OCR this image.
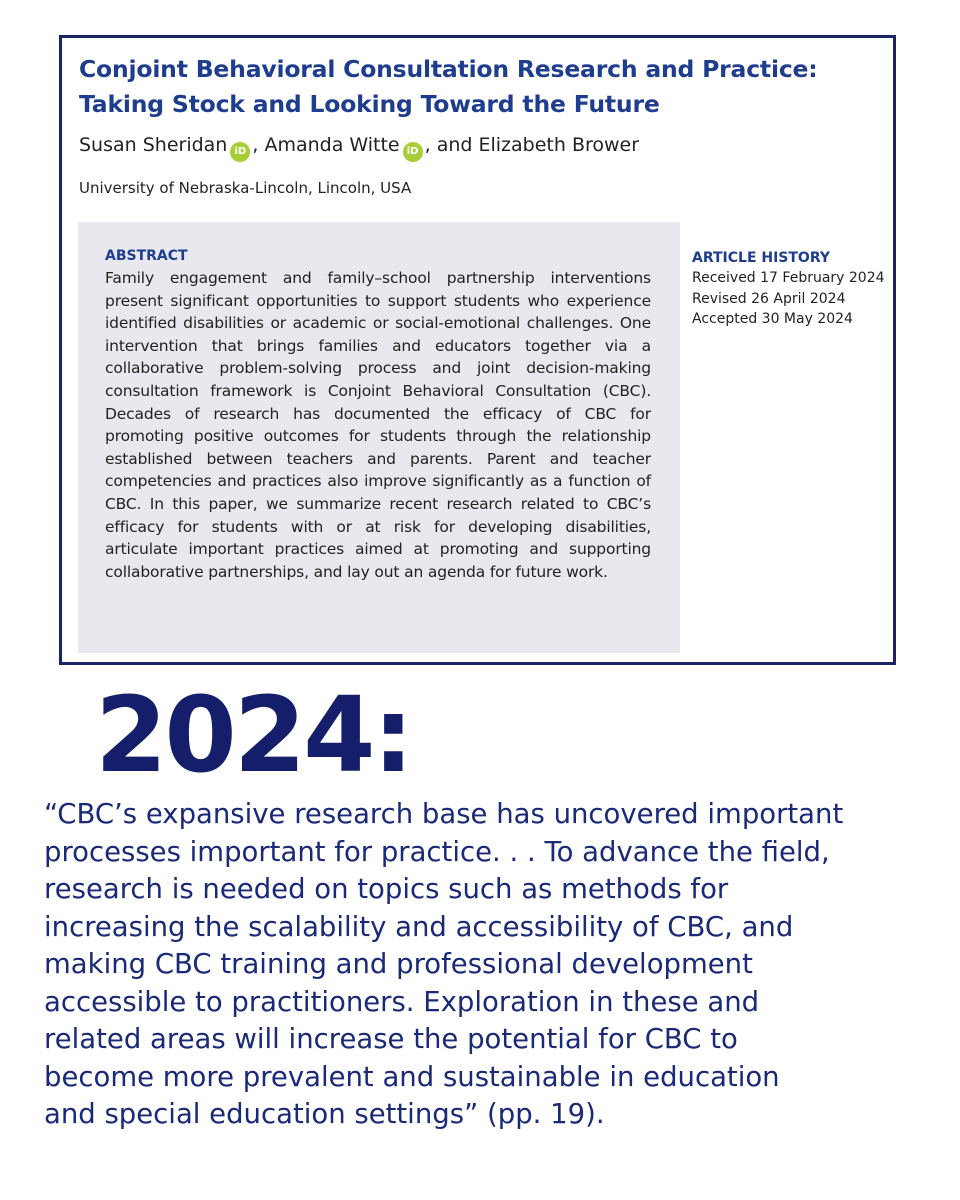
Conjoint Behavioral Consultation Research and Practice:
Taking Stock and Looking Toward the Future
Susan Sheridan iD , Amanda Witte iD , and Elizabeth Brower
University of Nebraska-Lincoln, Lincoln, USA
ABSTRACT

Family engagement and family–school partnership interventions present significant opportunities to support students who experience identified disabilities or academic or social-emotional challenges. One intervention that brings families and educators together via a collaborative problem-solving process and joint decision-making consultation framework is Conjoint Behavioral Consultation (CBC). Decades of research has documented the efficacy of CBC for promoting positive outcomes for students through the relationship established between teachers and parents. Parent and teacher competencies and practices also improve significantly as a function of CBC. In this paper, we summarize recent research related to CBC’s efficacy for students with or at risk for developing disabilities, articulate important practices aimed at promoting and supporting collaborative partnerships, and lay out an agenda for future work.

ARTICLE HISTORY
Received 17 February 2024
Revised 26 April 2024
Accepted 30 May 2024
2024:
“CBC’s expansive research base has uncovered important
processes important for practice. . . To advance the field,
research is needed on topics such as methods for
increasing the scalability and accessibility of CBC, and
making CBC training and professional development
accessible to practitioners. Exploration in these and
related areas will increase the potential for CBC to
become more prevalent and sustainable in education
and special education settings” (pp. 19).
